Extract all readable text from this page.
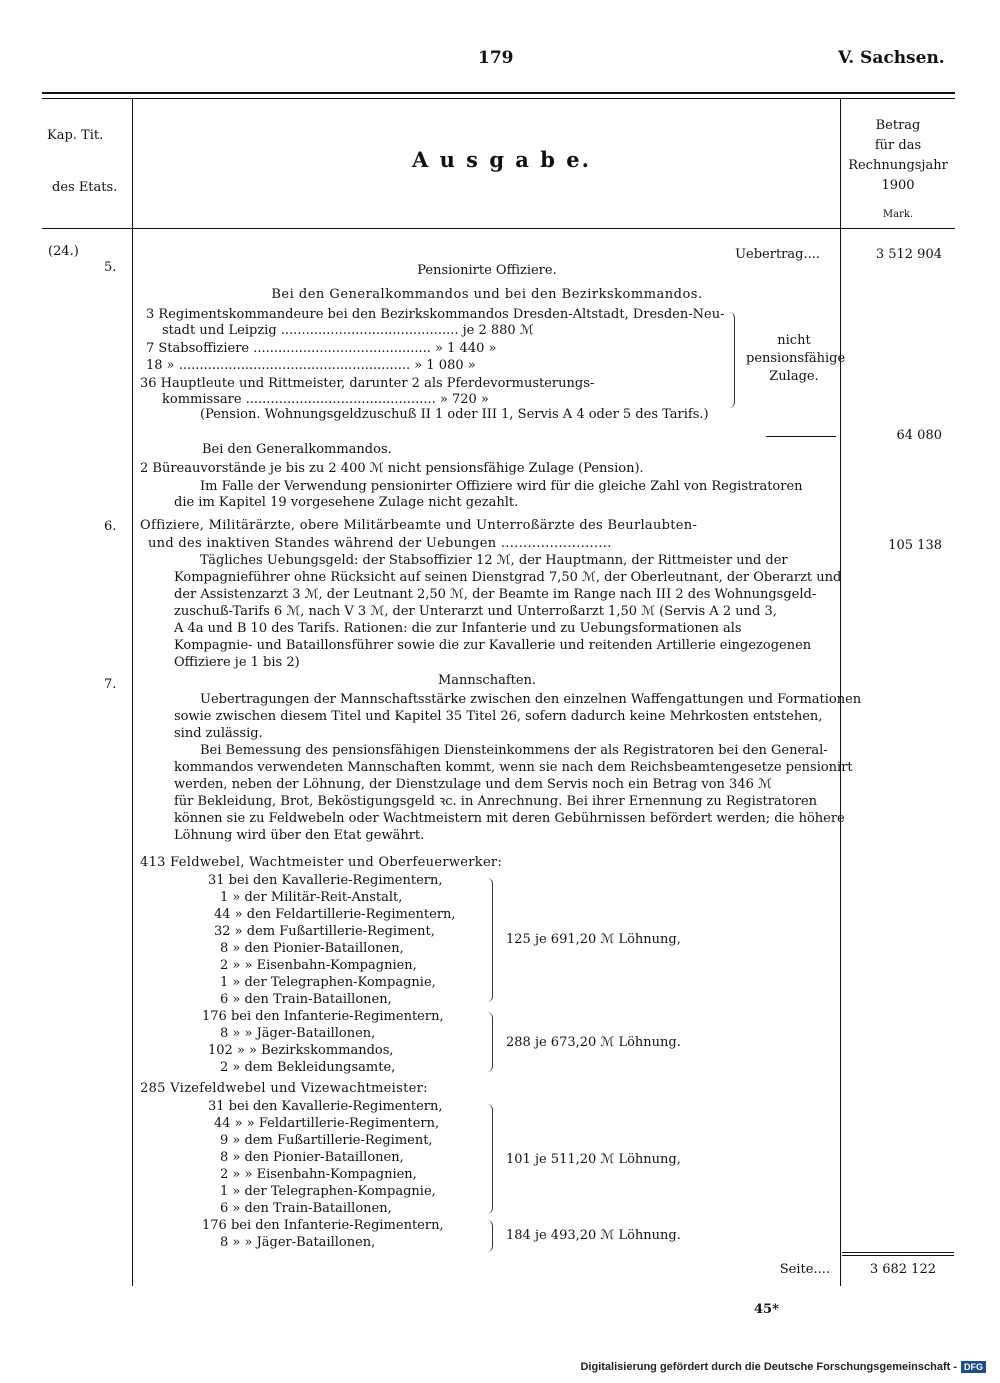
179	V. Sachsen.
Kap. Tit.
des Etats.
A u s g a b e.
Betrag
für das
Rechnungsjahr
1900
Mark.
(24.)
5.
Uebertrag....	3 512 904
Pensionirte Offiziere.
Bei den Generalkommandos und bei den Bezirkskommandos.
3 Regimentskommandeure bei den Bezirkskommandos Dresden-Altstadt, Dresden-Neu-
stadt und Leipzig ........................................... je 2 880 ℳ
7 Stabsoffiziere ........................................... » 1 440 »
18 » ........................................................ » 1 080 »
36 Hauptleute und Rittmeister, darunter 2 als Pferdevormusterungs-
kommissare .............................................. » 720 »
(Pension. Wohnungsgeldzuschuß II 1 oder III 1, Servis A 4 oder 5 des Tarifs.)
nicht
pensionsfähige
Zulage.
64 080
Bei den Generalkommandos.
2 Büreauvorstände je bis zu 2 400 ℳ nicht pensionsfähige Zulage (Pension).
Im Falle der Verwendung pensionirter Offiziere wird für die gleiche Zahl von Registratoren
die im Kapitel 19 vorgesehene Zulage nicht gezahlt.
6. Offiziere, Militärärzte, obere Militärbeamte und Unterroßärzte des Beurlaubten-
und des inaktiven Standes während der Uebungen .........................	105 138
Tägliches Uebungsgeld: der Stabsoffizier 12 ℳ, der Hauptmann, der Rittmeister und der
Kompagnieführer ohne Rücksicht auf seinen Dienstgrad 7,50 ℳ, der Oberleutnant, der Oberarzt und
der Assistenzarzt 3 ℳ, der Leutnant 2,50 ℳ, der Beamte im Range nach III 2 des Wohnungsgeld-
zuschuß-Tarifs 6 ℳ, nach V 3 ℳ, der Unterarzt und Unterroßarzt 1,50 ℳ (Servis A 2 und 3,
A 4a und B 10 des Tarifs. Rationen: die zur Infanterie und zu Uebungsformationen als
Kompagnie- und Bataillonsführer sowie die zur Kavallerie und reitenden Artillerie eingezogenen
Offiziere je 1 bis 2)
7.	Mannschaften.
Uebertragungen der Mannschaftsstärke zwischen den einzelnen Waffengattungen und Formationen
sowie zwischen diesem Titel und Kapitel 35 Titel 26, sofern dadurch keine Mehrkosten entstehen,
sind zulässig.
Bei Bemessung des pensionsfähigen Diensteinkommens der als Registratoren bei den General-
kommandos verwendeten Mannschaften kommt, wenn sie nach dem Reichsbeamtengesetze pensionirt
werden, neben der Löhnung, der Dienstzulage und dem Servis noch ein Betrag von 346 ℳ
für Bekleidung, Brot, Beköstigungsgeld ꝛc. in Anrechnung. Bei ihrer Ernennung zu Registratoren
können sie zu Feldwebeln oder Wachtmeistern mit deren Gebührnissen befördert werden; die höhere
Löhnung wird über den Etat gewährt.
413 Feldwebel, Wachtmeister und Oberfeuerwerker:
31 bei den Kavallerie-Regimentern,
1 » der Militär-Reit-Anstalt,
44 » den Feldartillerie-Regimentern,
32 » dem Fußartillerie-Regiment,
8 » den Pionier-Bataillonen,
2 » » Eisenbahn-Kompagnien,
1 » der Telegraphen-Kompagnie,
6 » den Train-Bataillonen,
176 bei den Infanterie-Regimentern,
8 » » Jäger-Bataillonen,
102 » » Bezirkskommandos,
2 » dem Bekleidungsamte,
125 je 691,20 ℳ Löhnung,
288 je 673,20 ℳ Löhnung.
285 Vizefeldwebel und Vizewachtmeister:
31 bei den Kavallerie-Regimentern,
44 » » Feldartillerie-Regimentern,
9 » dem Fußartillerie-Regiment,
8 » den Pionier-Bataillonen,
2 » » Eisenbahn-Kompagnien,
1 » der Telegraphen-Kompagnie,
6 » den Train-Bataillonen,
176 bei den Infanterie-Regimentern,
8 » » Jäger-Bataillonen,
101 je 511,20 ℳ Löhnung,
184 je 493,20 ℳ Löhnung.
Seite....	3 682 122
45*
Digitalisierung gefördert durch die Deutsche Forschungsgemeinschaft - DFG
